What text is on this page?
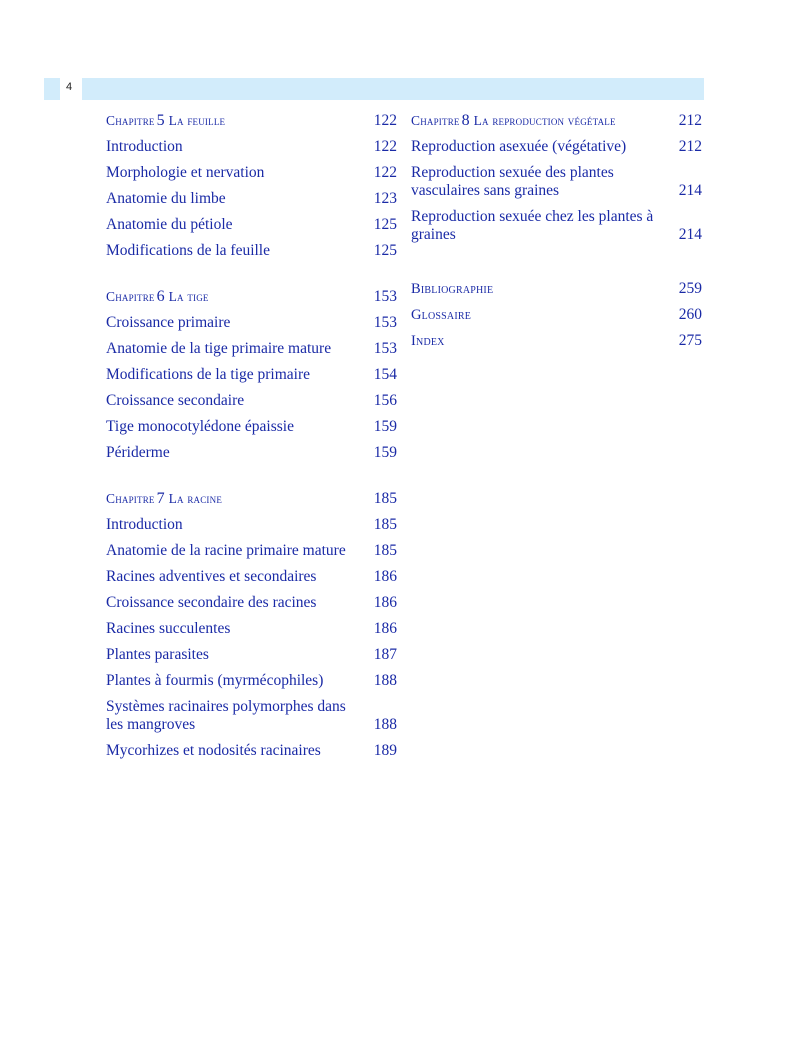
4
Chapitre 5 La feuille	122
Introduction	122
Morphologie et nervation	122
Anatomie du limbe	123
Anatomie du pétiole	125
Modifications de la feuille	125
Chapitre 6 La tige	153
Croissance primaire	153
Anatomie de la tige primaire mature	153
Modifications de la tige primaire	154
Croissance secondaire	156
Tige monocotylédone épaissie	159
Périderme	159
Chapitre 7 La racine	185
Introduction	185
Anatomie de la racine primaire mature	185
Racines adventives et secondaires	186
Croissance secondaire des racines	186
Racines succulentes	186
Plantes parasites	187
Plantes à fourmis (myrmécophiles)	188
Systèmes racinaires polymorphes dans les mangroves	188
Mycorhizes et nodosités racinaires	189
Chapitre 8 La reproduction végétale	212
Reproduction asexuée (végétative)	212
Reproduction sexuée des plantes vasculaires sans graines	214
Reproduction sexuée chez les plantes à graines	214
Bibliographie	259
Glossaire	260
Index	275
